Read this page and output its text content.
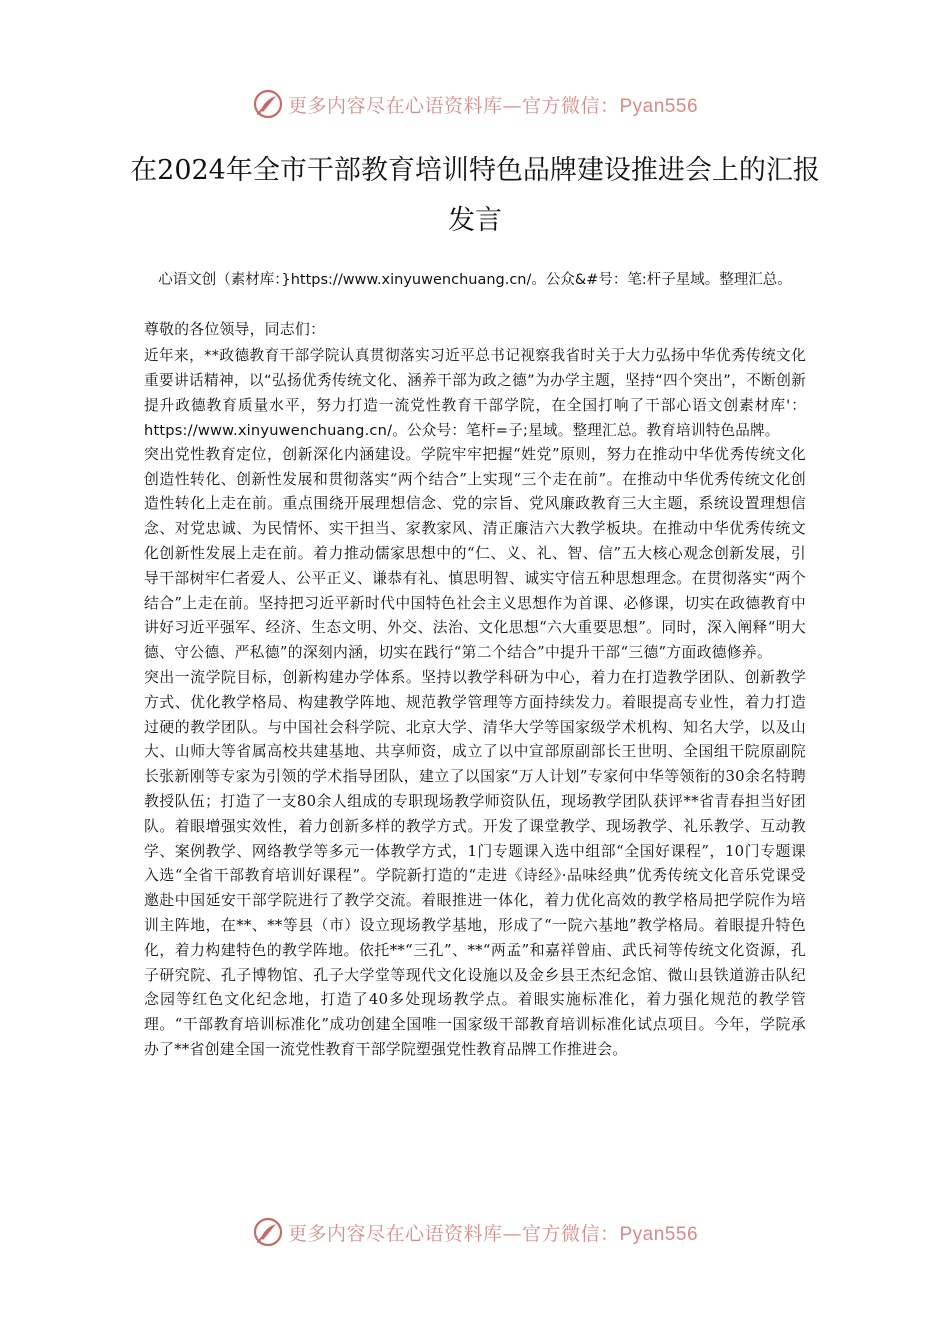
更多内容尽在心语资料库—官方微信：Pyan556
在2024年全市干部教育培训特色品牌建设推进会上的汇报发言
心语文创（素材库：}https://www.xinyuwenchuang.cn/。公众&#号：笔:杆子星域。整理汇总。

尊敬的各位领导，同志们：

近年来，**政德教育干部学院认真贯彻落实习近平总书记视察我省时关于大力弘扬中华优秀传统文化重要讲话精神，以“弘扬优秀传统文化、涵养干部为政之德”为办学主题，坚持“四个突出”，不断创新提升政德教育质量水平，努力打造一流党性教育干部学院，在全国打响了干部心语文创素材库'：https://www.xinyuwenchuang.cn/。公众号：笔杆=子;星域。整理汇总。教育培训特色品牌。

突出党性教育定位，创新深化内涵建设。学院牢牢把握“姓党”原则，努力在推动中华优秀传统文化创造性转化、创新性发展和贯彻落实“两个结合”上实现“三个走在前”。在推动中华优秀传统文化创造性转化上走在前。重点围绕开展理想信念、党的宗旨、党风廉政教育三大主题，系统设置理想信念、对党忠诚、为民情怀、实干担当、家教家风、清正廉洁六大教学板块。在推动中华优秀传统文化创新性发展上走在前。着力推动儒家思想中的“仁、义、礼、智、信”五大核心观念创新发展，引导干部树牢仁者爱人、公平正义、谦恭有礼、慎思明智、诚实守信五种思想理念。在贯彻落实“两个结合”上走在前。坚持把习近平新时代中国特色社会主义思想作为首课、必修课，切实在政德教育中讲好习近平强军、经济、生态文明、外交、法治、文化思想“六大重要思想”。同时，深入阐释“明大德、守公德、严私德”的深刻内涵，切实在践行“第二个结合”中提升干部“三德”方面政德修养。

突出一流学院目标，创新构建办学体系。坚持以教学科研为中心，着力在打造教学团队、创新教学方式、优化教学格局、构建教学阵地、规范教学管理等方面持续发力。着眼提高专业性，着力打造过硬的教学团队。与中国社会科学院、北京大学、清华大学等国家级学术机构、知名大学，以及山大、山师大等省属高校共建基地、共享师资，成立了以中宣部原副部长王世明、全国组干院原副院长张新刚等专家为引领的学术指导团队，建立了以国家“万人计划”专家何中华等领衔的30余名特聘教授队伍；打造了一支80余人组成的专职现场教学师资队伍，现场教学团队获评**省青春担当好团队。着眼增强实效性，着力创新多样的教学方式。开发了课堂教学、现场教学、礼乐教学、互动教学、案例教学、网络教学等多元一体教学方式，1门专题课入选中组部“全国好课程”，10门专题课入选“全省干部教育培训好课程”。学院新打造的“走进《诗经》·品味经典”优秀传统文化音乐党课受邀赴中国延安干部学院进行了教学交流。着眼推进一体化，着力优化高效的教学格局把学院作为培训主阵地，在**、**等县（市）设立现场教学基地，形成了“一院六基地”教学格局。着眼提升特色化，着力构建特色的教学阵地。依托**“三孔”、**“两孟”和嘉祥曾庙、武氏祠等传统文化资源，孔子研究院、孔子博物馆、孔子大学堂等现代文化设施以及金乡县王杰纪念馆、微山县铁道游击队纪念园等红色文化纪念地，打造了40多处现场教学点。着眼实施标准化，着力强化规范的教学管理。“干部教育培训标准化”成功创建全国唯一国家级干部教育培训标准化试点项目。今年，学院承办了**省创建全国一流党性教育干部学院塑强党性教育品牌工作推进会。

更多内容尽在心语资料库—官方微信：Pyan556
